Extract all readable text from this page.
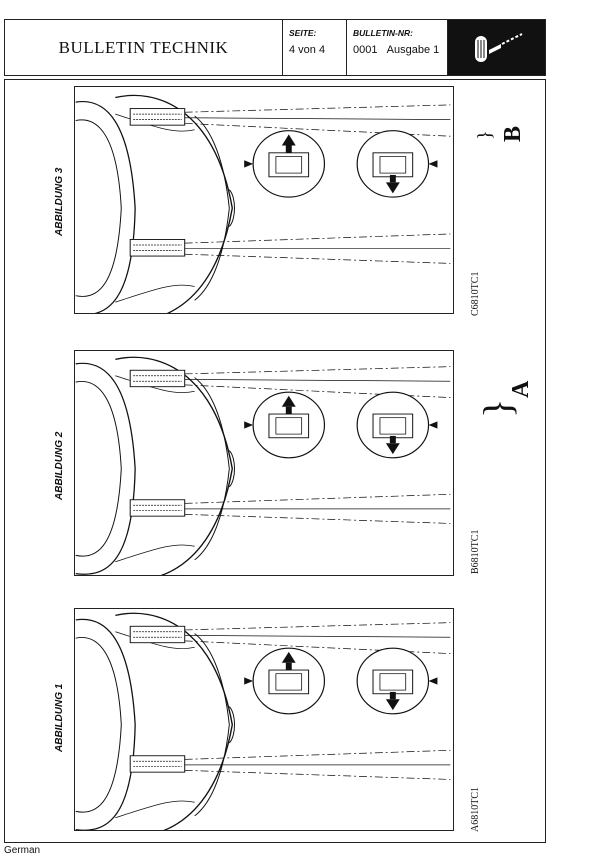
BULLETIN TECHNIK
SEITE:
4 von 4
BULLETIN-NR:
0001 Ausgabe 1
ABBILDUNG 1
A6810TC1
ABBILDUNG 2
B6810TC1
}
A
ABBILDUNG 3
C6810TC1
} B
German
